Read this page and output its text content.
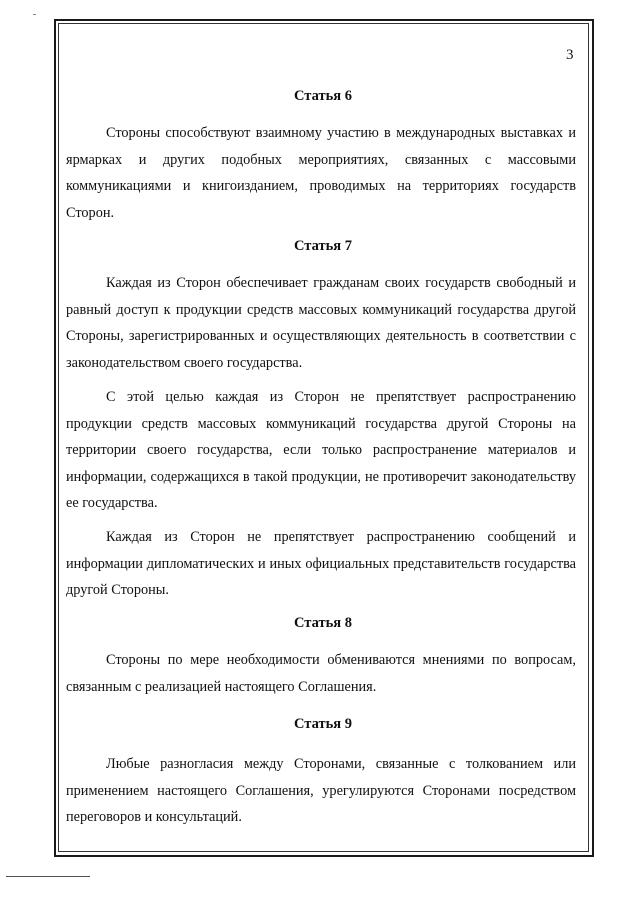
3
Статья 6
Стороны способствуют взаимному участию в международных выставках и ярмарках и других подобных мероприятиях, связанных с массовыми коммуникациями и книгоизданием, проводимых на территориях государств Сторон.
Статья 7
Каждая из Сторон обеспечивает гражданам своих государств свободный и равный доступ к продукции средств массовых коммуникаций государства другой Стороны, зарегистрированных и осуществляющих деятельность в соответствии с законодательством своего государства.
С этой целью каждая из Сторон не препятствует распространению продукции средств массовых коммуникаций государства другой Стороны на территории своего государства, если только распространение материалов и информации, содержащихся в такой продукции, не противоречит законодательству ее государства.
Каждая из Сторон не препятствует распространению сообщений и информации дипломатических и иных официальных представительств государства другой Стороны.
Статья 8
Стороны по мере необходимости обмениваются мнениями по вопросам, связанным с реализацией настоящего Соглашения.
Статья 9
Любые разногласия между Сторонами, связанные с толкованием или применением настоящего Соглашения, урегулируются Сторонами посредством переговоров и консультаций.
